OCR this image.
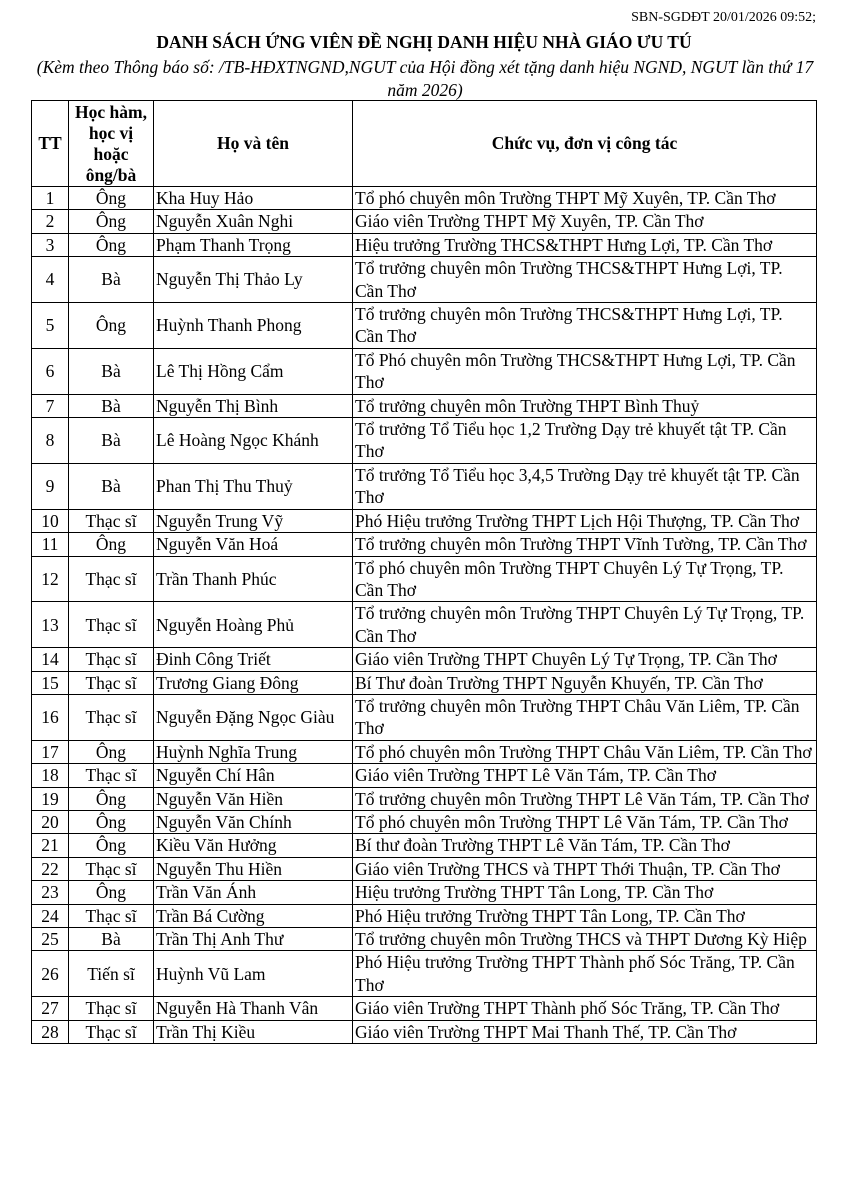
SBN-SGDĐT 20/01/2026 09:52;
DANH SÁCH ỨNG VIÊN ĐỀ NGHỊ DANH HIỆU NHÀ GIÁO ƯU TÚ
(Kèm theo Thông báo số: /TB-HĐXTNGND,NGUT của Hội đồng xét tặng danh hiệu NGND, NGUT lần thứ 17 năm 2026)
TT	Học hàm, học vị hoặc ông/bà	Họ và tên	Chức vụ, đơn vị công tác
1	Ông	Kha Huy Hảo	Tổ phó chuyên môn Trường THPT Mỹ Xuyên, TP. Cần Thơ
2	Ông	Nguyễn Xuân Nghi	Giáo viên Trường THPT Mỹ Xuyên, TP. Cần Thơ
3	Ông	Phạm Thanh Trọng	Hiệu trưởng Trường THCS&THPT Hưng Lợi, TP. Cần Thơ
4	Bà	Nguyễn Thị Thảo Ly	Tổ trưởng chuyên môn Trường THCS&THPT Hưng Lợi, TP. Cần Thơ
5	Ông	Huỳnh Thanh Phong	Tổ trưởng chuyên môn Trường THCS&THPT Hưng Lợi, TP. Cần Thơ
6	Bà	Lê Thị Hồng Cẩm	Tổ Phó chuyên môn Trường THCS&THPT Hưng Lợi, TP. Cần Thơ
7	Bà	Nguyễn Thị Bình	Tổ trưởng chuyên môn Trường THPT Bình Thuỷ
8	Bà	Lê Hoàng Ngọc Khánh	Tổ trưởng Tổ Tiểu học 1,2 Trường Dạy trẻ khuyết tật TP. Cần Thơ
9	Bà	Phan Thị Thu Thuỷ	Tổ trưởng Tổ Tiểu học 3,4,5 Trường Dạy trẻ khuyết tật TP. Cần Thơ
10	Thạc sĩ	Nguyễn Trung Vỹ	Phó Hiệu trưởng Trường THPT Lịch Hội Thượng, TP. Cần Thơ
11	Ông	Nguyễn Văn Hoá	Tổ trưởng chuyên môn Trường THPT Vĩnh Tường, TP. Cần Thơ
12	Thạc sĩ	Trần Thanh Phúc	Tổ phó chuyên môn Trường THPT Chuyên Lý Tự Trọng, TP. Cần Thơ
13	Thạc sĩ	Nguyễn Hoàng Phủ	Tổ trưởng chuyên môn Trường THPT Chuyên Lý Tự Trọng, TP. Cần Thơ
14	Thạc sĩ	Đinh Công Triết	Giáo viên Trường THPT Chuyên Lý Tự Trọng, TP. Cần Thơ
15	Thạc sĩ	Trương Giang Đông	Bí Thư đoàn Trường THPT Nguyễn Khuyến, TP. Cần Thơ
16	Thạc sĩ	Nguyễn Đặng Ngọc Giàu	Tổ trưởng chuyên môn Trường THPT Châu Văn Liêm, TP. Cần Thơ
17	Ông	Huỳnh Nghĩa Trung	Tổ phó chuyên môn Trường THPT Châu Văn Liêm, TP. Cần Thơ
18	Thạc sĩ	Nguyễn Chí Hân	Giáo viên Trường THPT Lê Văn Tám, TP. Cần Thơ
19	Ông	Nguyễn Văn Hiền	Tổ trưởng chuyên môn Trường THPT Lê Văn Tám, TP. Cần Thơ
20	Ông	Nguyễn Văn Chính	Tổ phó chuyên môn Trường THPT Lê Văn Tám, TP. Cần Thơ
21	Ông	Kiều Văn Hưởng	Bí thư đoàn Trường THPT Lê Văn Tám, TP. Cần Thơ
22	Thạc sĩ	Nguyễn Thu Hiền	Giáo viên Trường THCS và THPT Thới Thuận, TP. Cần Thơ
23	Ông	Trần Văn Ánh	Hiệu trưởng Trường THPT Tân Long, TP. Cần Thơ
24	Thạc sĩ	Trần Bá Cường	Phó Hiệu trưởng Trường THPT Tân Long, TP. Cần Thơ
25	Bà	Trần Thị Anh Thư	Tổ trưởng chuyên môn Trường THCS và THPT Dương Kỳ Hiệp
26	Tiến sĩ	Huỳnh Vũ Lam	Phó Hiệu trưởng Trường THPT Thành phố Sóc Trăng, TP. Cần Thơ
27	Thạc sĩ	Nguyễn Hà Thanh Vân	Giáo viên Trường THPT Thành phố Sóc Trăng, TP. Cần Thơ
28	Thạc sĩ	Trần Thị Kiều	Giáo viên Trường THPT Mai Thanh Thế, TP. Cần Thơ
